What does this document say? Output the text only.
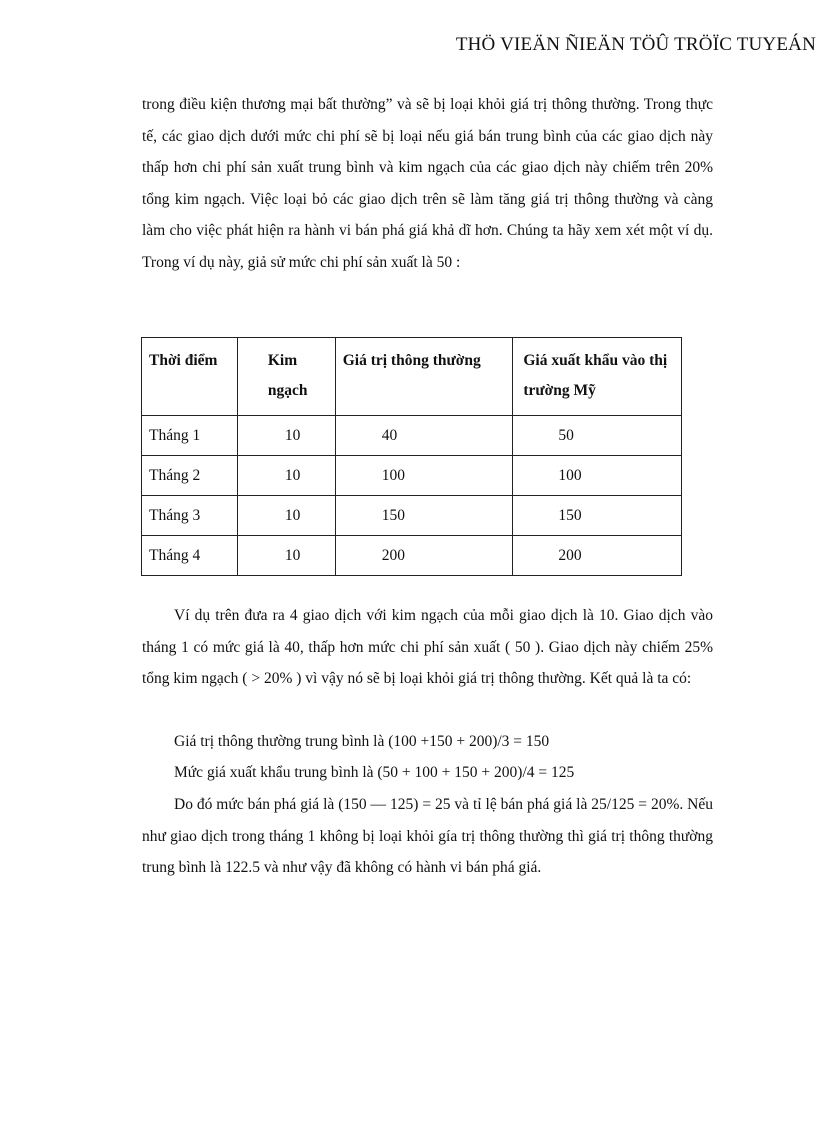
THÖ VIEÄN ÑIEÄN TÖÛ TRÖÏC TUYEÁN

trong điều kiện thương mại bất thường” và sẽ bị loại khỏi giá trị thông thường. Trong thực tế, các giao dịch dưới mức chi phí sẽ bị loại nếu giá bán trung bình của các giao dịch này thấp hơn chi phí sản xuất trung bình và kim ngạch của các giao dịch này chiếm trên 20% tổng kim ngạch. Việc loại bỏ các giao dịch trên sẽ làm tăng giá trị thông thường và càng làm cho việc phát hiện ra hành vi bán phá giá khả dĩ hơn. Chúng ta hãy xem xét một ví dụ. Trong ví dụ này, giả sử mức chi phí sản xuất là 50 :

Thời điểm	Kim ngạch	Giá trị thông thường	Giá xuất khẩu vào thị trường Mỹ
Tháng 1	10	40	50
Tháng 2	10	100	100
Tháng 3	10	150	150
Tháng 4	10	200	200

Ví dụ trên đưa ra 4 giao dịch với kim ngạch của mỗi giao dịch là 10. Giao dịch vào tháng 1 có mức giá là 40, thấp hơn mức chi phí sản xuất ( 50 ). Giao dịch này chiếm 25% tổng kim ngạch ( > 20% ) vì vậy nó sẽ bị loại khỏi giá trị thông thường. Kết quả là ta có:

Giá trị thông thường trung bình là (100 +150 + 200)/3 = 150

Mức giá xuất khẩu trung bình là (50 + 100 + 150 + 200)/4 = 125

Do đó mức bán phá giá là (150 — 125) = 25 và tỉ lệ bán phá giá là 25/125 = 20%. Nếu như giao dịch trong tháng 1 không bị loại khỏi gía trị thông thường thì giá trị thông thường trung bình là 122.5 và như vậy đã không có hành vi bán phá giá.
